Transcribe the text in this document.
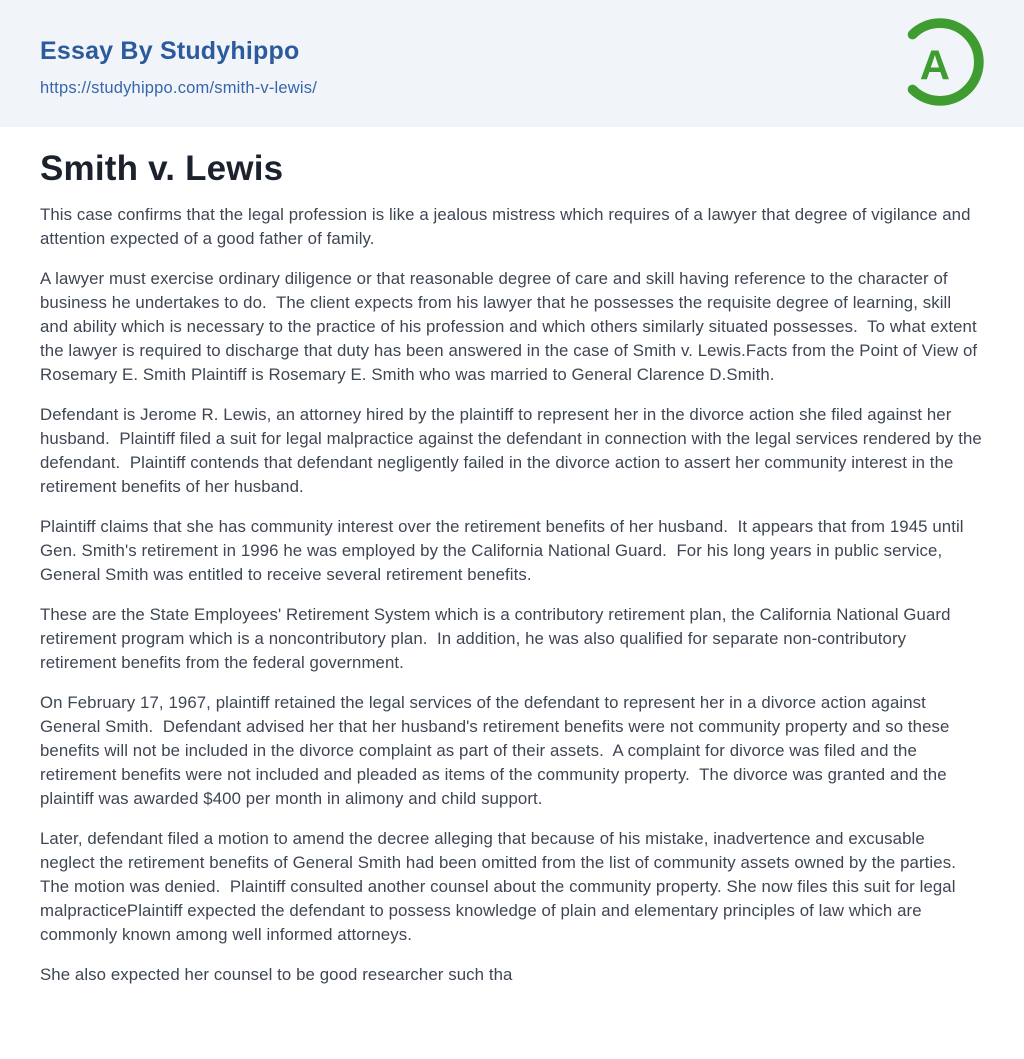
Essay By Studyhippo
https://studyhippo.com/smith-v-lewis/	A
Smith v. Lewis

This case confirms that the legal profession is like a jealous mistress which requires of a lawyer that degree of vigilance and attention expected of a good father of family.

A lawyer must exercise ordinary diligence or that reasonable degree of care and skill having reference to the character of business he undertakes to do.  The client expects from his lawyer that he possesses the requisite degree of learning, skill and ability which is necessary to the practice of his profession and which others similarly situated possesses.  To what extent the lawyer is required to discharge that duty has been answered in the case of Smith v. Lewis.Facts from the Point of View of Rosemary E. Smith Plaintiff is Rosemary E. Smith who was married to General Clarence D.Smith.

Defendant is Jerome R. Lewis, an attorney hired by the plaintiff to represent her in the divorce action she filed against her husband.  Plaintiff filed a suit for legal malpractice against the defendant in connection with the legal services rendered by the defendant.  Plaintiff contends that defendant negligently failed in the divorce action to assert her community interest in the retirement benefits of her husband.

Plaintiff claims that she has community interest over the retirement benefits of her husband.  It appears that from 1945 until Gen. Smith's retirement in 1996 he was employed by the California National Guard.  For his long years in public service, General Smith was entitled to receive several retirement benefits.

These are the State Employees' Retirement System which is a contributory retirement plan, the California National Guard retirement program which is a noncontributory plan.  In addition, he was also qualified for separate non-contributory retirement benefits from the federal government.

On February 17, 1967, plaintiff retained the legal services of the defendant to represent her in a divorce action against General Smith.  Defendant advised her that her husband's retirement benefits were not community property and so these benefits will not be included in the divorce complaint as part of their assets.  A complaint for divorce was filed and the retirement benefits were not included and pleaded as items of the community property.  The divorce was granted and the plaintiff was awarded $400 per month in alimony and child support.

Later, defendant filed a motion to amend the decree alleging that because of his mistake, inadvertence and excusable neglect the retirement benefits of General Smith had been omitted from the list of community assets owned by the parties.  The motion was denied.  Plaintiff consulted another counsel about the community property. She now files this suit for legal malpracticePlaintiff expected the defendant to possess knowledge of plain and elementary principles of law which are commonly known among well informed attorneys.

She also expected her counsel to be good researcher such tha
